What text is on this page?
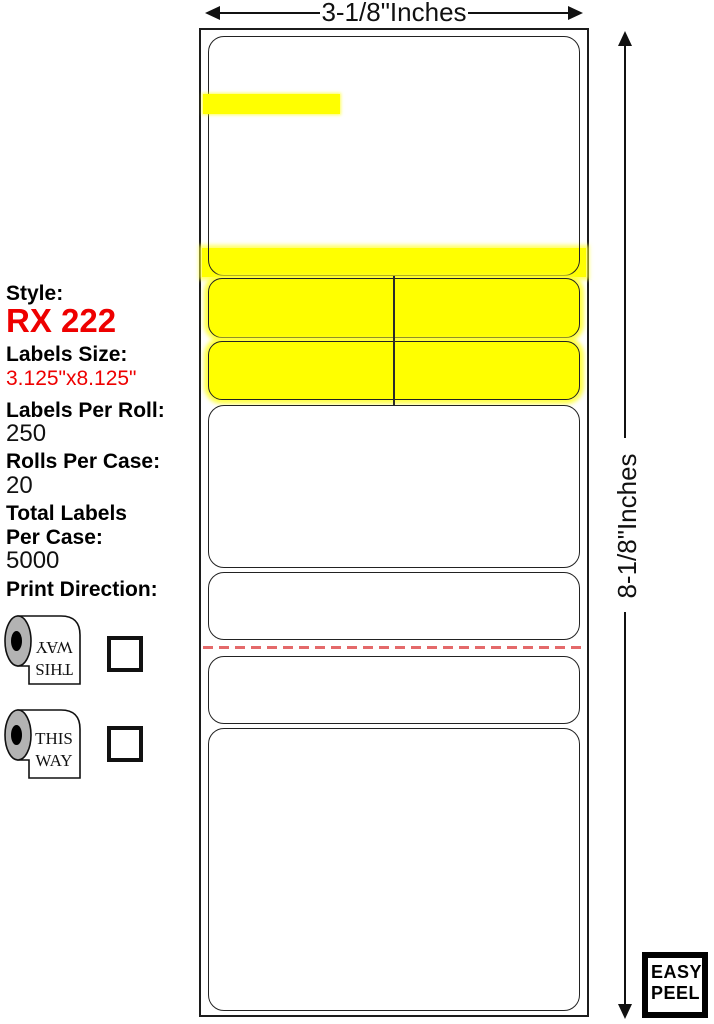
Style:
RX 222
Labels Size:
3.125"x8.125"
Labels Per Roll:
250
Rolls Per Case:
20
Total Labels
Per Case:
5000
Print Direction:
THIS
WAY
THIS
WAY
3-1/8"Inches
8-1/8"Inches
EASY
PEEL
